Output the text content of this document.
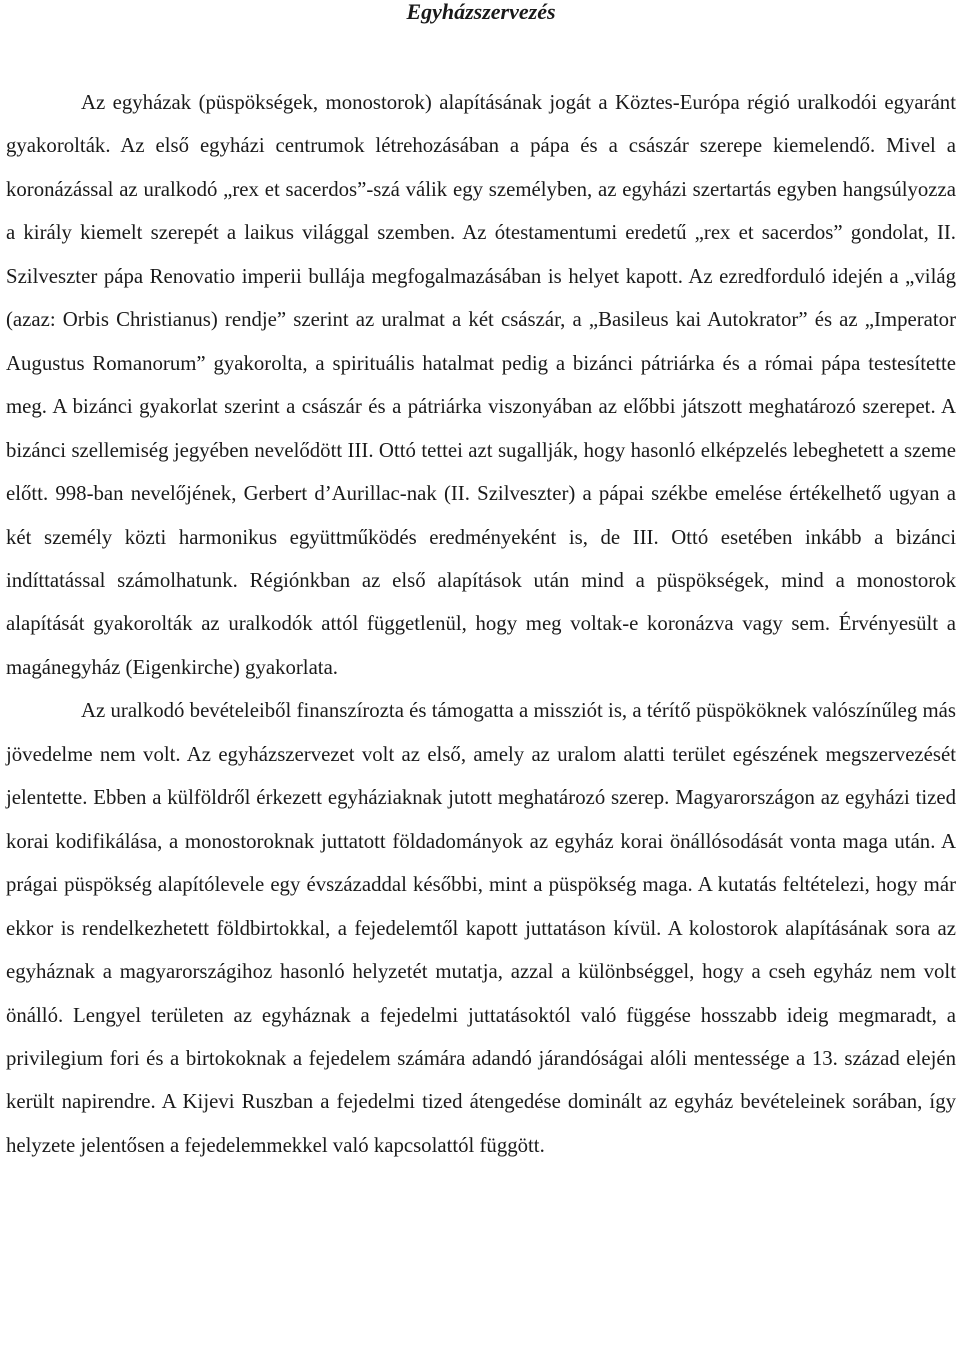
Egyházszervezés

Az egyházak (püspökségek, monostorok) alapításának jogát a Köztes-Európa régió uralkodói egyaránt gyakorolták. Az első egyházi centrumok létrehozásában a pápa és a császár szerepe kiemelendő. Mivel a koronázással az uralkodó „rex et sacerdos”-szá válik egy személyben, az egyházi szertartás egyben hangsúlyozza a király kiemelt szerepét a laikus világgal szemben. Az ótestamentumi eredetű „rex et sacerdos” gondolat, II. Szilveszter pápa Renovatio imperii bullája megfogalmazásában is helyet kapott. Az ezredforduló idején a „világ (azaz: Orbis Christianus) rendje” szerint az uralmat a két császár, a „Basileus kai Autokrator” és az „Imperator Augustus Romanorum” gyakorolta, a spirituális hatalmat pedig a bizánci pátriárka és a római pápa testesítette meg. A bizánci gyakorlat szerint a császár és a pátriárka viszonyában az előbbi játszott meghatározó szerepet. A bizánci szellemiség jegyében nevelődött III. Ottó tettei azt sugallják, hogy hasonló elképzelés lebeghetett a szeme előtt. 998-ban nevelőjének, Gerbert d’Aurillac-nak (II. Szilveszter) a pápai székbe emelése értékelhető ugyan a két személy közti harmonikus együttműködés eredményeként is, de III. Ottó esetében inkább a bizánci indíttatással számolhatunk. Régiónkban az első alapítások után mind a püspökségek, mind a monostorok alapítását gyakorolták az uralkodók attól függetlenül, hogy meg voltak-e koronázva vagy sem. Érvényesült a magánegyház (Eigenkirche) gyakorlata.

Az uralkodó bevételeiből finanszírozta és támogatta a missziót is, a térítő püspököknek valószínűleg más jövedelme nem volt. Az egyházszervezet volt az első, amely az uralom alatti terület egészének megszervezését jelentette. Ebben a külföldről érkezett egyháziaknak jutott meghatározó szerep. Magyarországon az egyházi tized korai kodifikálása, a monostoroknak juttatott földadományok az egyház korai önállósodását vonta maga után. A prágai püspökség alapítólevele egy évszázaddal későbbi, mint a püspökség maga. A kutatás feltételezi, hogy már ekkor is rendelkezhetett földbirtokkal, a fejedelemtől kapott juttatáson kívül. A kolostorok alapításának sora az egyháznak a magyarországihoz hasonló helyzetét mutatja, azzal a különbséggel, hogy a cseh egyház nem volt önálló. Lengyel területen az egyháznak a fejedelmi juttatásoktól való függése hosszabb ideig megmaradt, a privilegium fori és a birtokoknak a fejedelem számára adandó járandóságai alóli mentessége a 13. század elején került napirendre. A Kijevi Ruszban a fejedelmi tized átengedése dominált az egyház bevételeinek sorában, így helyzete jelentősen a fejedelemmekkel való kapcsolattól függött.
